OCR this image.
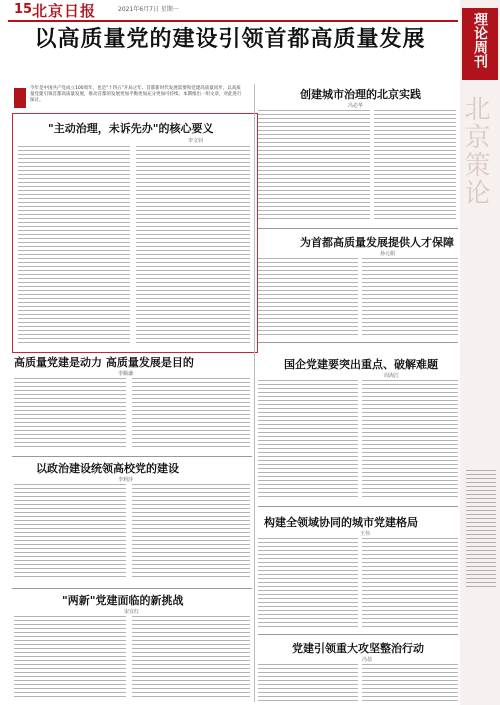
15 北京日报	2021年6月7日 星期一
以高质量党的建设引领首都高质量发展	理论周刊
北京策论
今年是中国共产党成立100周年，也是"十四五"开局之年。首都新时代发展需要和党建高质量同步，以高质量党建引领首都高质量发展，推动首都的发展更加平衡更加充分更加可持续。本期推出一组文章，对此进行探讨。
"主动治理，未诉先办"的核心要义
李文钊
创建城市治理的北京实践
冯必华
为首都高质量发展提供人才保障
孙元娟
高质量党建是动力 高质量发展是目的
李顺谦
以政治建设统领高校党的建设
李莉莎
"两新"党建面临的新挑战
宋宜红
国企党建要突出重点、破解难题
周海江
构建全领域协同的城市党建格局
王伟
党建引领重大攻坚整治行动
冯蓓
